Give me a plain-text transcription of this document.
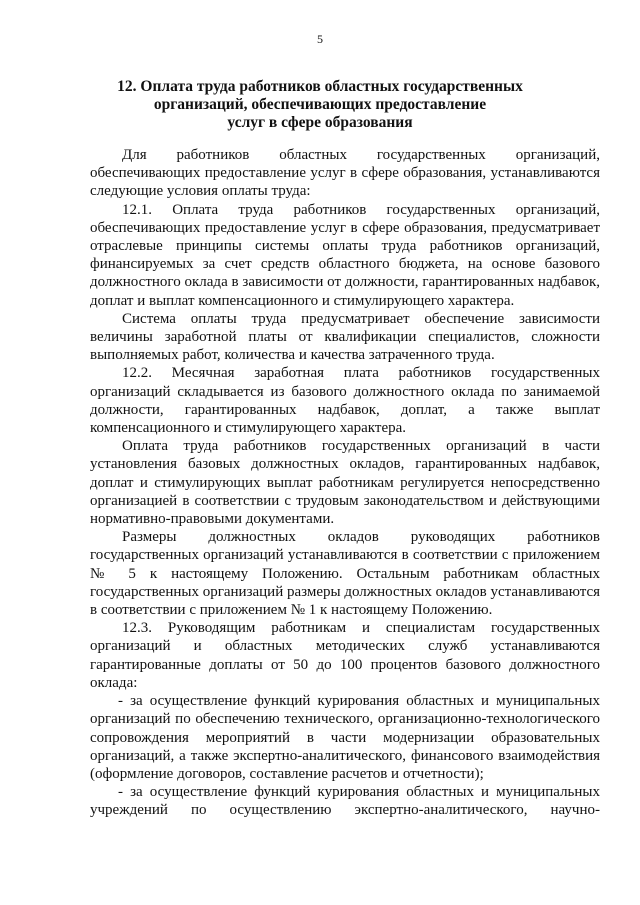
5
12. Оплата труда работников областных государственных
организаций, обеспечивающих предоставление
услуг в сфере образования

Для работников областных государственных организаций, обеспечивающих предоставление услуг в сфере образования, устанавливаются следующие условия оплаты труда:

12.1. Оплата труда работников государственных организаций, обеспечивающих предоставление услуг в сфере образования, предусматривает отраслевые принципы системы оплаты труда работников организаций, финансируемых за счет средств областного бюджета, на основе базового должностного оклада в зависимости от должности, гарантированных надбавок, доплат и выплат компенсационного и стимулирующего характера.

Система оплаты труда предусматривает обеспечение зависимости величины заработной платы от квалификации специалистов, сложности выполняемых работ, количества и качества затраченного труда.

12.2. Месячная заработная плата работников государственных организаций складывается из базового должностного оклада по занимаемой должности, гарантированных надбавок, доплат, а также выплат компенсационного и стимулирующего характера.

Оплата труда работников государственных организаций в части установления базовых должностных окладов, гарантированных надбавок, доплат и стимулирующих выплат работникам регулируется непосредственно организацией в соответствии с трудовым законодательством и действующими нормативно-правовыми документами.

Размеры должностных окладов руководящих работников государственных организаций устанавливаются в соответствии с приложением № 5 к настоящему Положению. Остальным работникам областных государственных организаций размеры должностных окладов устанавливаются в соответствии с приложением № 1 к настоящему Положению.

12.3. Руководящим работникам и специалистам государственных организаций и областных методических служб устанавливаются гарантированные доплаты от 50 до 100 процентов базового должностного оклада:

- за осуществление функций курирования областных и муниципальных организаций по обеспечению технического, организационно-технологического сопровождения мероприятий в части модернизации образовательных организаций, а также экспертно-аналитического, финансового взаимодействия (оформление договоров, составление расчетов и отчетности);

- за осуществление функций курирования областных и муниципальных учреждений по осуществлению экспертно-аналитического, научно-
